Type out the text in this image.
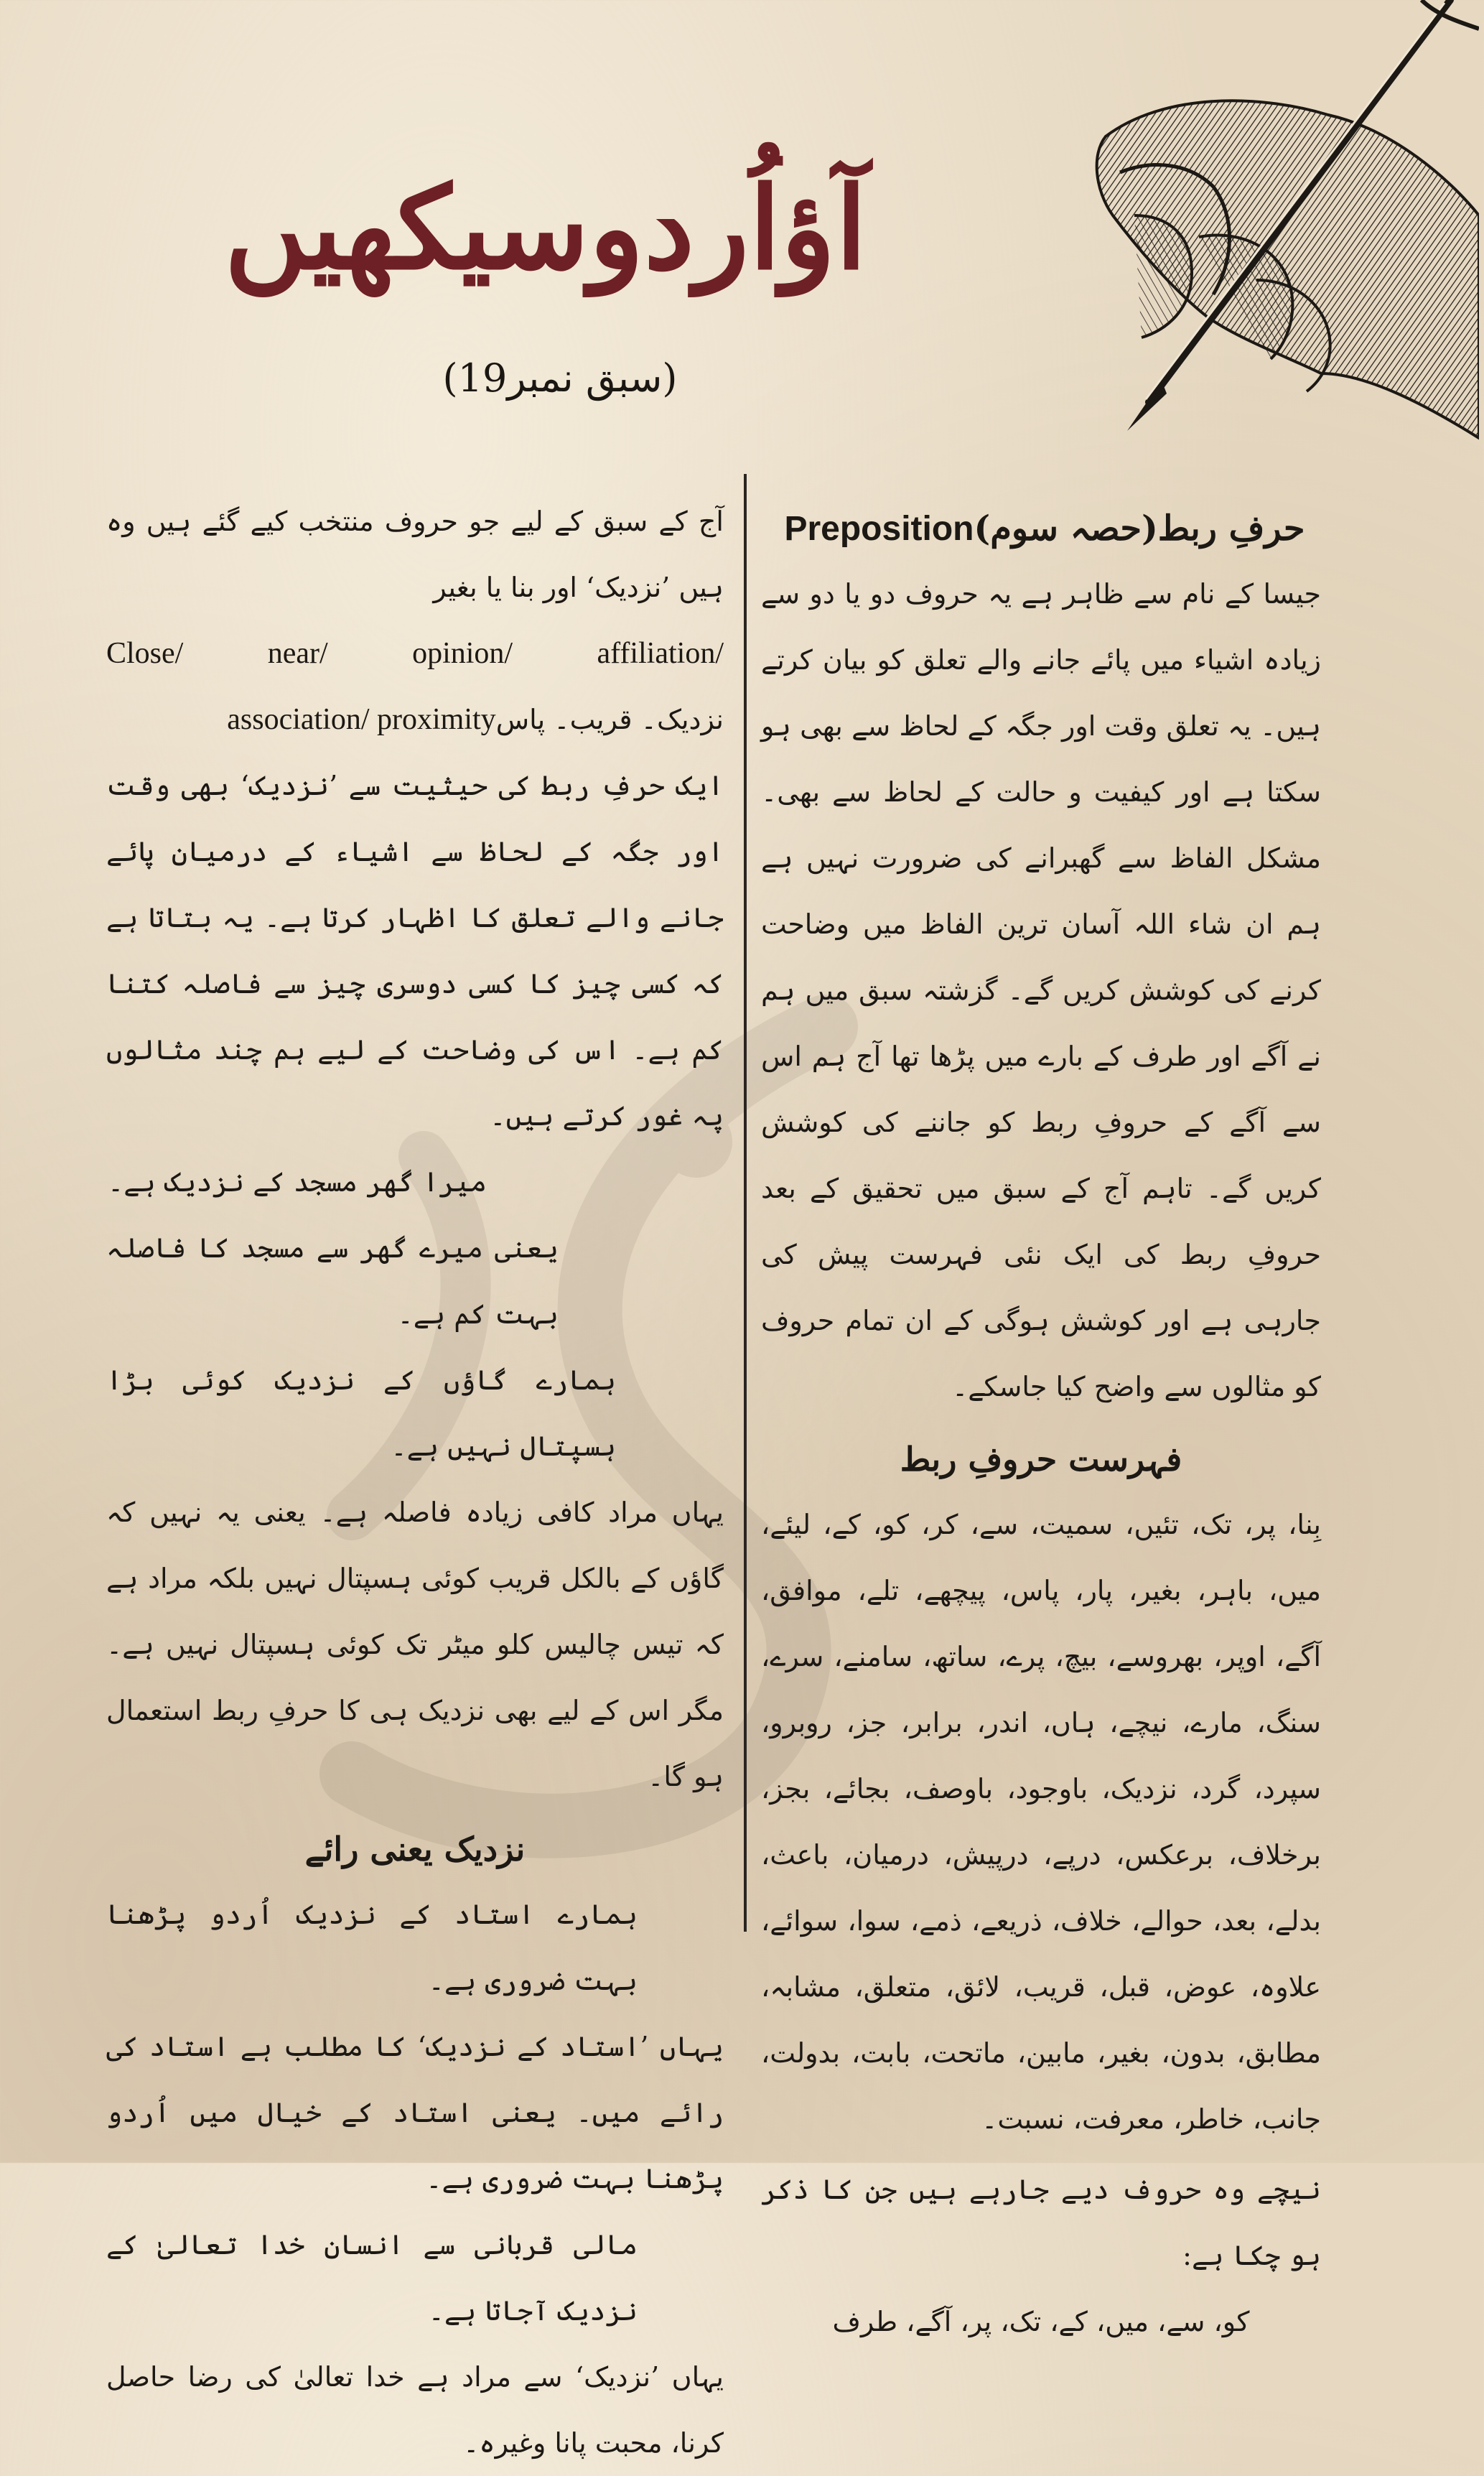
آؤاُردوسیکھیں
(سبق نمبر19)
حرفِ ربط(حصہ سوم)Preposition

جیسا کے نام سے ظاہر ہے یہ حروف دو یا دو سے زیادہ اشیاء میں پائے جانے والے تعلق کو بیان کرتے ہیں۔ یہ تعلق وقت اور جگہ کے لحاظ سے بھی ہو سکتا ہے اور کیفیت و حالت کے لحاظ سے بھی۔ مشکل الفاظ سے گھبرانے کی ضرورت نہیں ہے ہم ان شاء اللہ آسان ترین الفاظ میں وضاحت کرنے کی کوشش کریں گے۔ گزشتہ سبق میں ہم نے آگے اور طرف کے بارے میں پڑھا تھا آج ہم اس سے آگے کے حروفِ ربط کو جاننے کی کوشش کریں گے۔ تاہم آج کے سبق میں تحقیق کے بعد حروفِ ربط کی ایک نئی فہرست پیش کی جارہی ہے اور کوشش ہوگی کے ان تمام حروف کو مثالوں سے واضح کیا جاسکے۔

فہرست حروفِ ربط

بِنا، پر، تک، تئیں، سمیت، سے، کر، کو، کے، لیئے، میں، باہر، بغیر، پار، پاس، پیچھے، تلے، موافق، آگے، اوپر، بھروسے، بیچ، پرے، ساتھ، سامنے، سرے، سنگ، مارے، نیچے، ہاں، اندر، برابر، جز، روبرو، سپرد، گرد، نزدیک، باوجود، باوصف، بجائے، بجز، برخلاف، برعکس، درپے، درپیش، درمیان، باعث، بدلے، بعد، حوالے، خلاف، ذریعے، ذمے، سوا، سوائے، علاوہ، عوض، قبل، قریب، لائق، متعلق، مشابہ، مطابق، بدون، بغیر، مابین، ماتحت، بابت، بدولت، جانب، خاطر، معرفت، نسبت۔

نیچے وہ حروف دیے جارہے ہیں جن کا ذکر ہو چکا ہے:

کو، سے، میں، کے، تک، پر، آگے، طرف

آج کے سبق کے لیے جو حروف منتخب کیے گئے ہیں وہ ہیں ’نزدیک‘ اور بنا یا بغیر

Close/ near/ opinion/ affiliation/

نزدیک۔ قریب۔ پاسassociation/ proximity

ایک حرفِ ربط کی حیثیت سے ’نزدیک‘ بھی وقت اور جگہ کے لحاظ سے اشیاء کے درمیان پائے جانے والے تعلق کا اظہار کرتا ہے۔ یہ بتاتا ہے کہ کسی چیز کا کسی دوسری چیز سے فاصلہ کتنا کم ہے۔ اس کی وضاحت کے لیے ہم چند مثالوں پہ غور کرتے ہیں۔

میرا گھر مسجد کے نزدیک ہے۔

یعنی میرے گھر سے مسجد کا فاصلہ بہت کم ہے۔

ہمارے گاؤں کے نزدیک کوئی بڑا ہسپتال نہیں ہے۔

یہاں مراد کافی زیادہ فاصلہ ہے۔ یعنی یہ نہیں کہ گاؤں کے بالکل قریب کوئی ہسپتال نہیں بلکہ مراد ہے کہ تیس چالیس کلو میٹر تک کوئی ہسپتال نہیں ہے۔ مگر اس کے لیے بھی نزدیک ہی کا حرفِ ربط استعمال ہو گا۔

نزدیک یعنی رائے

ہمارے استاد کے نزدیک اُردو پڑھنا بہت ضروری ہے۔

یہاں ’استاد کے نزدیک‘ کا مطلب ہے استاد کی رائے میں۔ یعنی استاد کے خیال میں اُردو پڑھنا بہت ضروری ہے۔

مالی قربانی سے انسان خدا تعالیٰ کے نزدیک آجاتا ہے۔

یہاں ’نزدیک‘ سے مراد ہے خدا تعالیٰ کی رضا حاصل کرنا، محبت پانا وغیرہ۔
